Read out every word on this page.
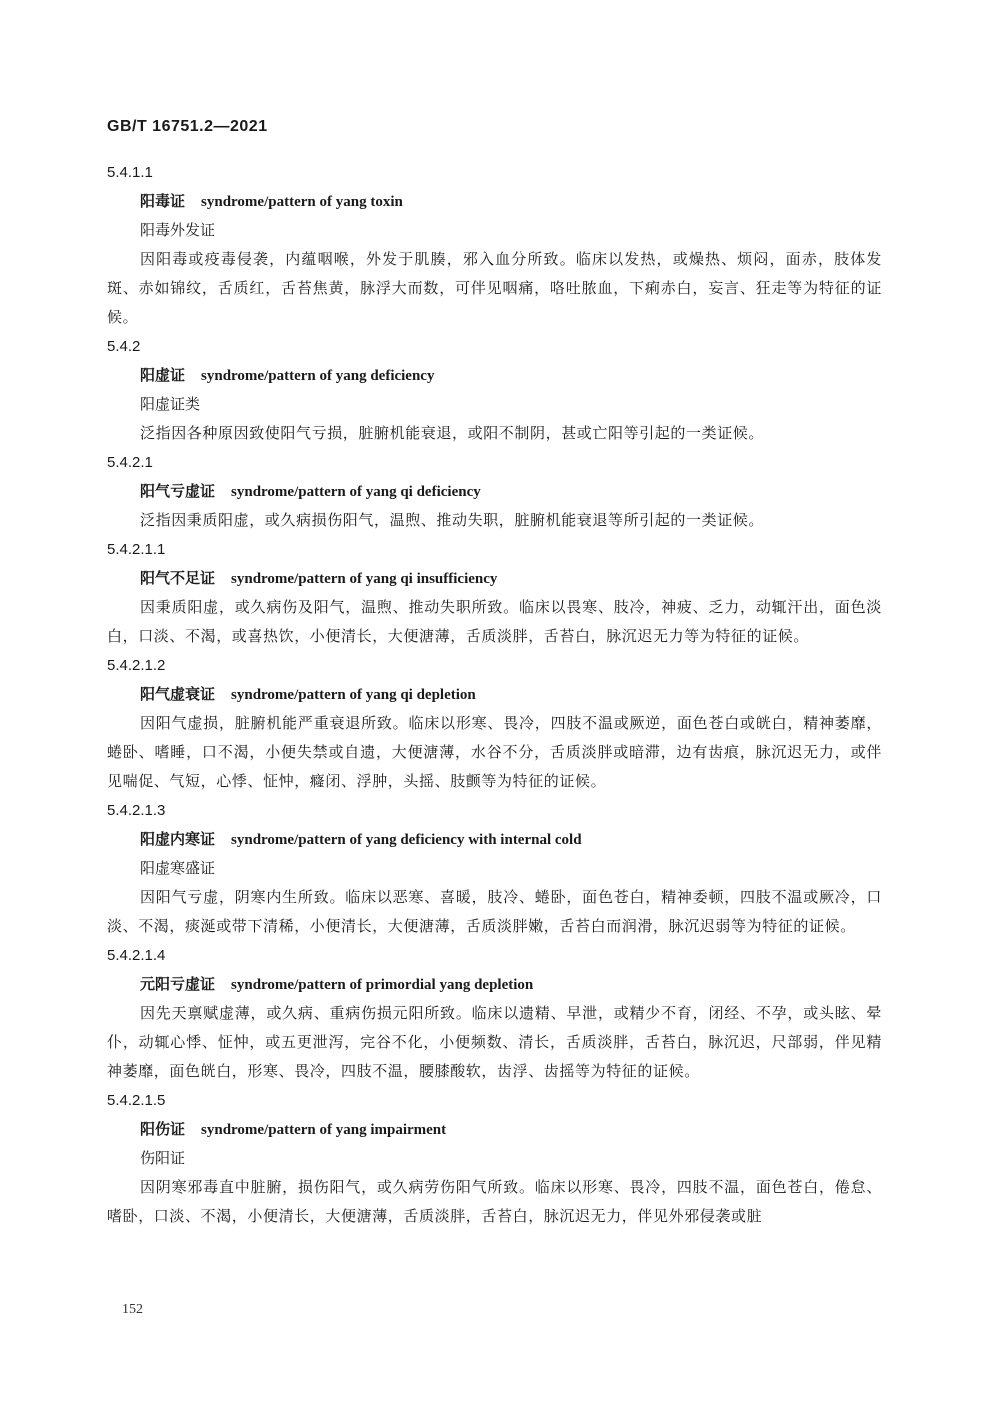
GB/T 16751.2—2021

5.4.1.1

阳毒证 syndrome/pattern of yang toxin

阳毒外发证

因阳毒或疫毒侵袭，内蕴咽喉，外发于肌腠，邪入血分所致。临床以发热，或燥热、烦闷，面赤，肢体发斑、赤如锦纹，舌质红，舌苔焦黄，脉浮大而数，可伴见咽痛，咯吐脓血，下痢赤白，妄言、狂走等为特征的证候。

5.4.2

阳虚证 syndrome/pattern of yang deficiency

阳虚证类

泛指因各种原因致使阳气亏损，脏腑机能衰退，或阳不制阴，甚或亡阳等引起的一类证候。

5.4.2.1

阳气亏虚证 syndrome/pattern of yang qi deficiency

泛指因秉质阳虚，或久病损伤阳气，温煦、推动失职，脏腑机能衰退等所引起的一类证候。

5.4.2.1.1

阳气不足证 syndrome/pattern of yang qi insufficiency

因秉质阳虚，或久病伤及阳气，温煦、推动失职所致。临床以畏寒、肢冷，神疲、乏力，动辄汗出，面色淡白，口淡、不渴，或喜热饮，小便清长，大便溏薄，舌质淡胖，舌苔白，脉沉迟无力等为特征的证候。

5.4.2.1.2

阳气虚衰证 syndrome/pattern of yang qi depletion

因阳气虚损，脏腑机能严重衰退所致。临床以形寒、畏冷，四肢不温或厥逆，面色苍白或㿠白，精神萎靡，蜷卧、嗜睡，口不渴，小便失禁或自遗，大便溏薄，水谷不分，舌质淡胖或暗滞，边有齿痕，脉沉迟无力，或伴见喘促、气短，心悸、怔忡，癃闭、浮肿，头摇、肢颤等为特征的证候。

5.4.2.1.3

阳虚内寒证 syndrome/pattern of yang deficiency with internal cold

阳虚寒盛证

因阳气亏虚，阴寒内生所致。临床以恶寒、喜暖，肢冷、蜷卧，面色苍白，精神委顿，四肢不温或厥冷，口淡、不渴，痰涎或带下清稀，小便清长，大便溏薄，舌质淡胖嫩，舌苔白而润滑，脉沉迟弱等为特征的证候。

5.4.2.1.4

元阳亏虚证 syndrome/pattern of primordial yang depletion

因先天禀赋虚薄，或久病、重病伤损元阳所致。临床以遗精、早泄，或精少不育，闭经、不孕，或头眩、晕仆，动辄心悸、怔忡，或五更泄泻，完谷不化，小便频数、清长，舌质淡胖，舌苔白，脉沉迟，尺部弱，伴见精神萎靡，面色㿠白，形寒、畏冷，四肢不温，腰膝酸软，齿浮、齿摇等为特征的证候。

5.4.2.1.5

阳伤证 syndrome/pattern of yang impairment

伤阳证

因阴寒邪毒直中脏腑，损伤阳气，或久病劳伤阳气所致。临床以形寒、畏冷，四肢不温，面色苍白，倦怠、嗜卧，口淡、不渴，小便清长，大便溏薄，舌质淡胖，舌苔白，脉沉迟无力，伴见外邪侵袭或脏

152
